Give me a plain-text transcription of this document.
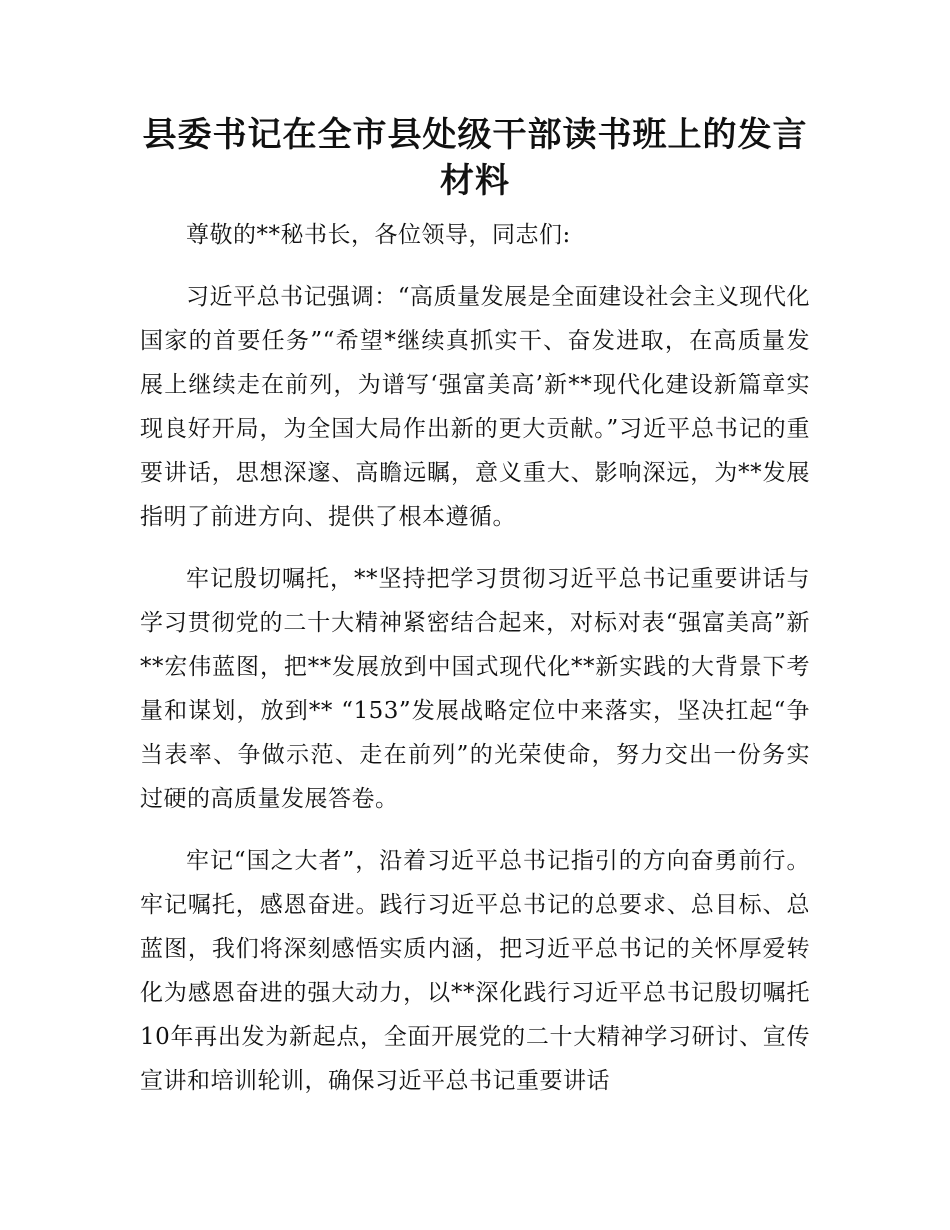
县委书记在全市县处级干部读书班上的发言材料

尊敬的**秘书长，各位领导，同志们:

习近平总书记强调：“高质量发展是全面建设社会主义现代化国家的首要任务”“希望*继续真抓实干、奋发进取，在高质量发展上继续走在前列，为谱写‘强富美高’新**现代化建设新篇章实现良好开局，为全国大局作出新的更大贡献。”习近平总书记的重要讲话，思想深邃、高瞻远瞩，意义重大、影响深远，为**发展指明了前进方向、提供了根本遵循。

牢记殷切嘱托，**坚持把学习贯彻习近平总书记重要讲话与学习贯彻党的二十大精神紧密结合起来，对标对表“强富美高”新**宏伟蓝图，把**发展放到中国式现代化**新实践的大背景下考量和谋划，放到** “153”发展战略定位中来落实，坚决扛起“争当表率、争做示范、走在前列”的光荣使命，努力交出一份务实过硬的高质量发展答卷。

牢记“国之大者”，沿着习近平总书记指引的方向奋勇前行。牢记嘱托，感恩奋进。践行习近平总书记的总要求、总目标、总蓝图，我们将深刻感悟实质内涵，把习近平总书记的关怀厚爱转化为感恩奋进的强大动力，以**深化践行习近平总书记殷切嘱托10年再出发为新起点，全面开展党的二十大精神学习研讨、宣传宣讲和培训轮训，确保习近平总书记重要讲话
